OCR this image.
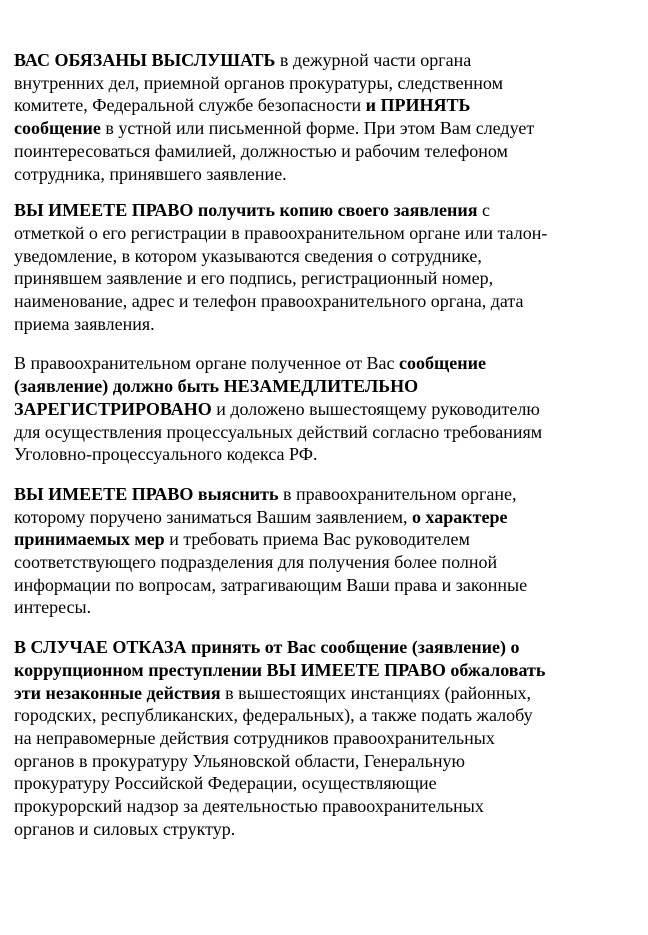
ВАС ОБЯЗАНЫ ВЫСЛУШАТЬ в дежурной части органа
внутренних дел, приемной органов прокуратуры, следственном
комитете, Федеральной службе безопасности и ПРИНЯТЬ
сообщение в устной или письменной форме. При этом Вам следует
поинтересоваться фамилией, должностью и рабочим телефоном
сотрудника, принявшего заявление.
ВЫ ИМЕЕТЕ ПРАВО получить копию своего заявления с
отметкой о его регистрации в правоохранительном органе или талон-
уведомление, в котором указываются сведения о сотруднике,
принявшем заявление и его подпись, регистрационный номер,
наименование, адрес и телефон правоохранительного органа, дата
приема заявления.
В правоохранительном органе полученное от Вас сообщение
(заявление) должно быть НЕЗАМЕДЛИТЕЛЬНО
ЗАРЕГИСТРИРОВАНО и доложено вышестоящему руководителю
для осуществления процессуальных действий согласно требованиям
Уголовно-процессуального кодекса РФ.
ВЫ ИМЕЕТЕ ПРАВО выяснить в правоохранительном органе,
которому поручено заниматься Вашим заявлением, о характере
принимаемых мер и требовать приема Вас руководителем
соответствующего подразделения для получения более полной
информации по вопросам, затрагивающим Ваши права и законные
интересы.
В СЛУЧАЕ ОТКАЗА принять от Вас сообщение (заявление) о
коррупционном преступлении ВЫ ИМЕЕТЕ ПРАВО обжаловать
эти незаконные действия в вышестоящих инстанциях (районных,
городских, республиканских, федеральных), а также подать жалобу
на неправомерные действия сотрудников правоохранительных
органов в прокуратуру Ульяновской области, Генеральную
прокуратуру Российской Федерации, осуществляющие
прокурорский надзор за деятельностью правоохранительных
органов и силовых структур.
